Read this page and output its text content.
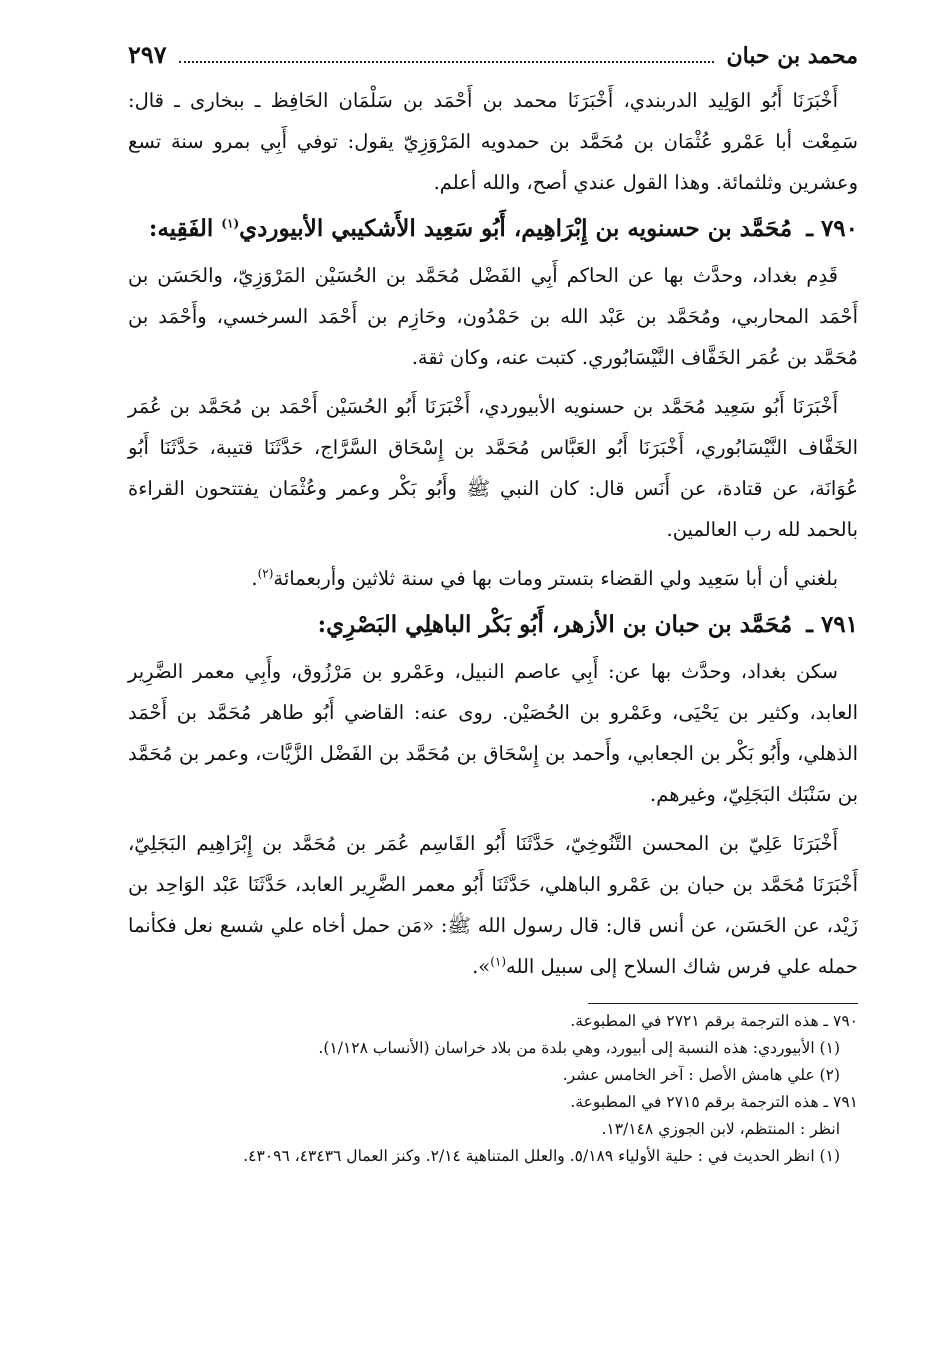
محمد بن حبان
٢٩٧

أَخْبَرَنَا أَبُو الوَلِيد الدربندي، أَخْبَرَنَا محمد بن أَحْمَد بن سَلْمَان الحَافِظ ـ ببخارى ـ قال: سَمِعْت أبا عَمْرو عُثْمَان بن مُحَمَّد بن حمدويه المَرْوَزِيّ يقول: توفي أَبِي بمرو سنة تسع وعشرين وثلثمائة. وهذا القول عندي أصح، والله أعلم.

٧٩٠ ـ مُحَمَّد بن حسنويه بن إِبْرَاهِيم، أَبُو سَعِيد الأَشكيبي الأبيوردي$^{(١)}$ الفَقِيه:

قَدِم بغداد، وحدَّث بها عن الحاكم أَبِي الفَضْل مُحَمَّد بن الحُسَيْن المَرْوَزِيّ، والحَسَن بن أَحْمَد المحاربي، ومُحَمَّد بن عَبْد الله بن حَمْدُون، وحَازِم بن أَحْمَد السرخسي، وأَحْمَد بن مُحَمَّد بن عُمَر الخَفَّاف النَّيْسَابُوري. كتبت عنه، وكان ثقة.

أَخْبَرَنَا أَبُو سَعِيد مُحَمَّد بن حسنويه الأبيوردي، أَخْبَرَنَا أَبُو الحُسَيْن أَحْمَد بن مُحَمَّد بن عُمَر الخَفَّاف النَّيْسَابُوري، أَخْبَرَنَا أَبُو العَبَّاس مُحَمَّد بن إِسْحَاق السَّرَّاج، حَدَّثَنَا قتيبة، حَدَّثَنَا أَبُو عُوَانَة، عن قتادة، عن أَنَس قال: كان النبي ﷺ وأَبُو بَكْر وعمر وعُثْمَان يفتتحون القراءة بالحمد لله رب العالمين.

بلغني أن أبا سَعِيد ولي القضاء بتستر ومات بها في سنة ثلاثين وأربعمائة$^{(٢)}$.

٧٩١ ـ مُحَمَّد بن حبان بن الأزهر، أَبُو بَكْر الباهلِي البَصْرِي:

سكن بغداد، وحدَّث بها عن: أَبِي عاصم النبيل، وعَمْرو بن مَرْزُوق، وأَبِي معمر الضَّرِير العابد، وكثير بن يَحْيَى، وعَمْرو بن الحُصَيْن. روى عنه: القاضي أَبُو طاهر مُحَمَّد بن أَحْمَد الذهلي، وأَبُو بَكْر بن الجعابي، وأَحمد بن إِسْحَاق بن مُحَمَّد بن الفَضْل الزَّيَّات، وعمر بن مُحَمَّد بن سَنْبَك البَجَلِيّ، وغيرهم.

أَخْبَرَنَا عَلِيّ بن المحسن التَّنُوخِيّ، حَدَّثَنَا أَبُو القَاسِم عُمَر بن مُحَمَّد بن إِبْرَاهِيم البَجَلِيّ، أَخْبَرَنَا مُحَمَّد بن حبان بن عَمْرو الباهلي، حَدَّثَنَا أَبُو معمر الضَّرِير العابد، حَدَّثَنَا عَبْد الوَاحِد بن زَيْد، عن الحَسَن، عن أنس قال: قال رسول الله ﷺ: «مَن حمل أخاه علي شسع نعل فكأنما حمله علي فرس شاك السلاح إلى سبيل الله$^{(١)}$».

٧٩٠ ـ هذه الترجمة برقم ٢٧٢١ في المطبوعة.

(١) الأبيوردي: هذه النسبة إلى أبيورد، وهي بلدة من بلاد خراسان (الأنساب ١/١٢٨).

(٢) علي هامش الأصل : آخر الخامس عشر.

٧٩١ ـ هذه الترجمة برقم ٢٧١٥ في المطبوعة.

انظر : المنتظم، لابن الجوزي ١٣/١٤٨.

(١) انظر الحديث في : حلية الأولياء ٥/١٨٩. والعلل المتناهية ٢/١٤. وكنز العمال ٤٣٤٣٦، ٤٣٠٩٦.
